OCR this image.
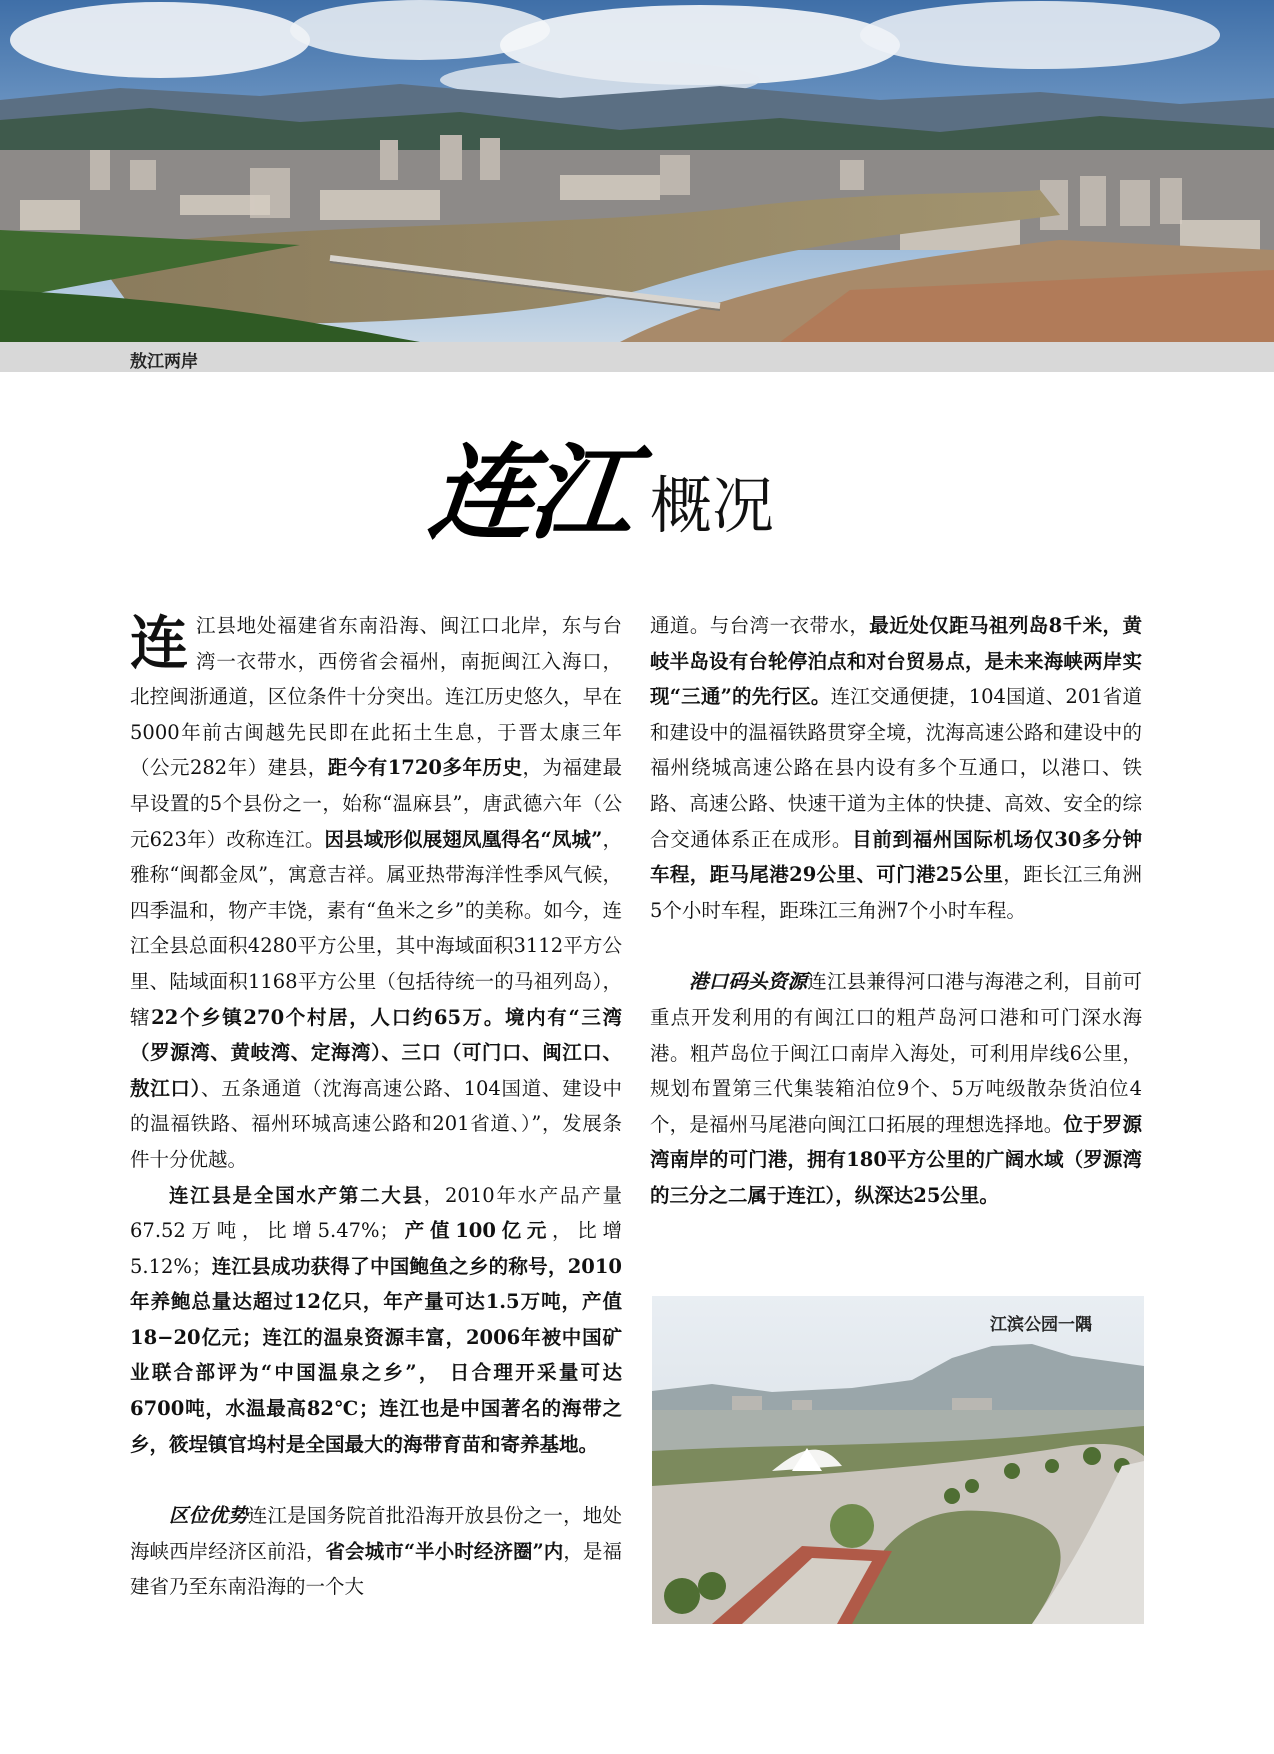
敖江两岸
连江 概况

连江县地处福建省东南沿海、闽江口北岸，东与台湾一衣带水，西傍省会福州，南扼闽江入海口，北控闽浙通道，区位条件十分突出。连江历史悠久，早在5000年前古闽越先民即在此拓土生息，于晋太康三年（公元282年）建县，距今有1720多年历史，为福建最早设置的5个县份之一，始称“温麻县”，唐武德六年（公元623年）改称连江。因县域形似展翅凤凰得名“凤城”，雅称“闽都金凤”，寓意吉祥。属亚热带海洋性季风气候，四季温和，物产丰饶，素有“鱼米之乡”的美称。如今，连江全县总面积4280平方公里，其中海域面积3112平方公里、陆域面积1168平方公里（包括待统一的马祖列岛），辖22个乡镇270个村居，人口约65万。境内有“三湾（罗源湾、黄岐湾、定海湾）、三口（可门口、闽江口、敖江口）、五条通道（沈海高速公路、104国道、建设中的温福铁路、福州环城高速公路和201省道、）”，发展条件十分优越。

连江县是全国水产第二大县，2010年水产品产量67.52万吨，比增5.47%；产值100亿元，比增5.12%；连江县成功获得了中国鲍鱼之乡的称号，2010年养鲍总量达超过12亿只，年产量可达1.5万吨，产值18−20亿元；连江的温泉资源丰富，2006年被中国矿业联合部评为“中国温泉之乡”， 日合理开采量可达6700吨，水温最高82℃；连江也是中国著名的海带之乡，筱埕镇官坞村是全国最大的海带育苗和寄养基地。

区位优势连江是国务院首批沿海开放县份之一，地处海峡西岸经济区前沿，省会城市“半小时经济圈”内，是福建省乃至东南沿海的一个大

通道。与台湾一衣带水，最近处仅距马祖列岛8千米，黄岐半岛设有台轮停泊点和对台贸易点，是未来海峡两岸实现“三通”的先行区。连江交通便捷，104国道、201省道和建设中的温福铁路贯穿全境，沈海高速公路和建设中的福州绕城高速公路在县内设有多个互通口，以港口、铁路、高速公路、快速干道为主体的快捷、高效、安全的综合交通体系正在成形。目前到福州国际机场仅30多分钟车程，距马尾港29公里、可门港25公里，距长江三角洲5个小时车程，距珠江三角洲7个小时车程。

港口码头资源连江县兼得河口港与海港之利，目前可重点开发利用的有闽江口的粗芦岛河口港和可门深水海港。粗芦岛位于闽江口南岸入海处，可利用岸线6公里，规划布置第三代集装箱泊位9个、5万吨级散杂货泊位4个，是福州马尾港向闽江口拓展的理想选择地。位于罗源湾南岸的可门港，拥有180平方公里的广阔水域（罗源湾的三分之二属于连江），纵深达25公里。

江滨公园一隅
